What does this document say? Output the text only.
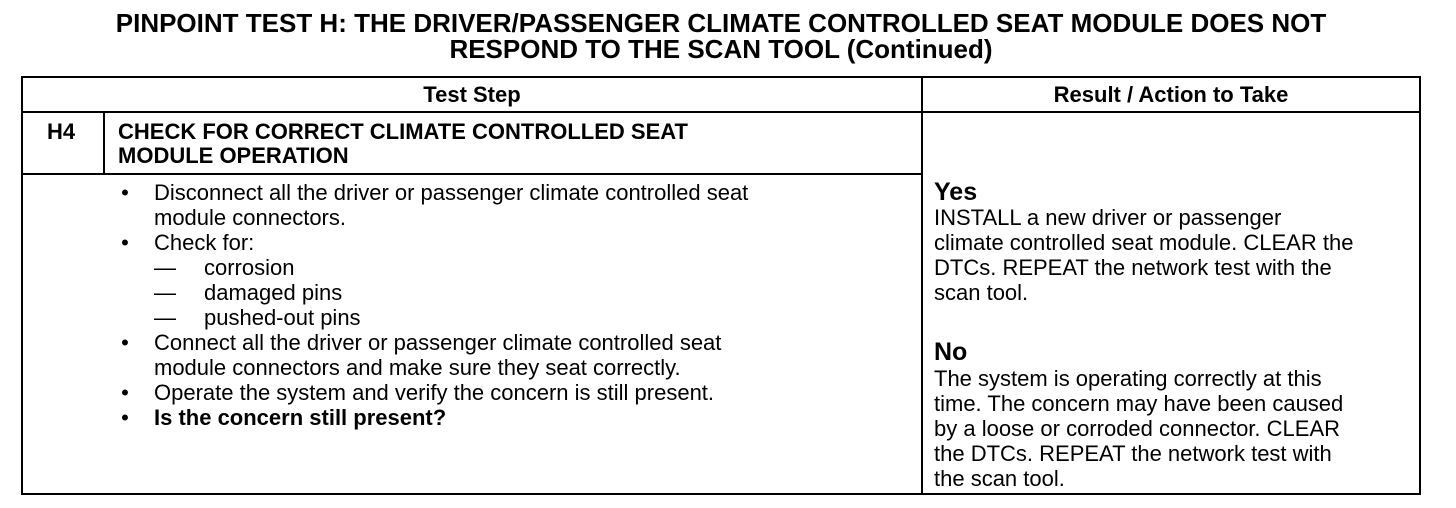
PINPOINT TEST H: THE DRIVER/PASSENGER CLIMATE CONTROLLED SEAT MODULE DOES NOT
RESPOND TO THE SCAN TOOL (Continued)
Test Step	Result / Action to Take
H4 CHECK FOR CORRECT CLIMATE CONTROLLED SEAT
MODULE OPERATION
• Disconnect all the driver or passenger climate controlled seat
module connectors.
• Check for:
— corrosion
— damaged pins
— pushed-out pins
• Connect all the driver or passenger climate controlled seat
module connectors and make sure they seat correctly.
• Operate the system and verify the concern is still present.
• Is the concern still present?
Yes
INSTALL a new driver or passenger
climate controlled seat module. CLEAR the
DTCs. REPEAT the network test with the
scan tool.
No
The system is operating correctly at this
time. The concern may have been caused
by a loose or corroded connector. CLEAR
the DTCs. REPEAT the network test with
the scan tool.
